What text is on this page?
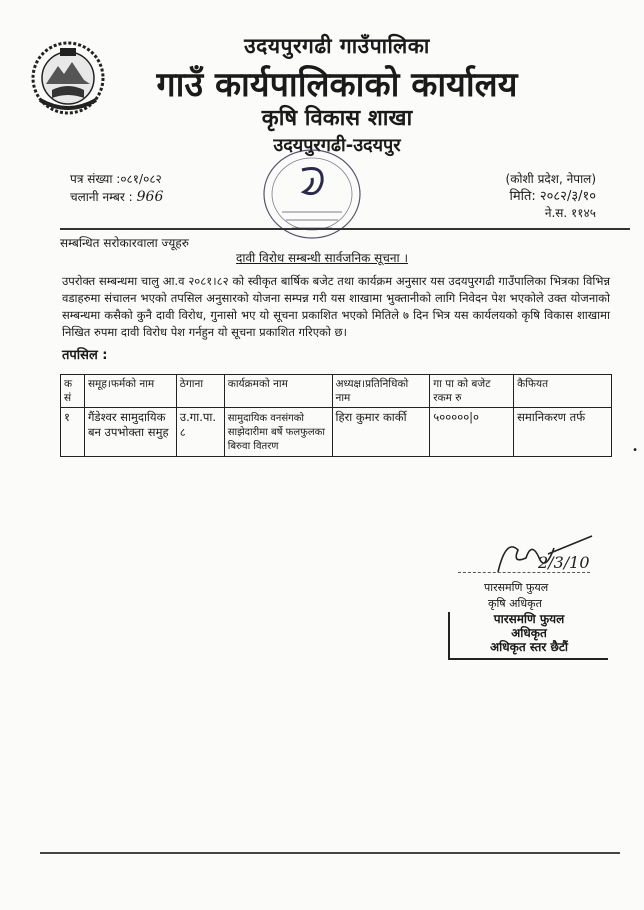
उदयपुरगढी गाउँपालिका
गाउँ कार्यपालिकाको कार्यालय
कृषि विकास शाखा
उदयपुरगढी-उदयपुर
पत्र संख्या :०८१/०८२
चलानी नम्बर : 966
(कोशी प्रदेश, नेपाल)
मिति: २०८२/३/१०
ने.स. ११४५
सम्बन्धित सरोकारवाला ज्यूहरु
दावी विरोध सम्बन्धी सार्वजनिक सूचना ।
उपरोक्त सम्बन्धमा चालु आ.व २०८१।८२ को स्वीकृत बार्षिक बजेट तथा कार्यक्रम अनुसार यस उदयपुरगढी गाउँपालिका भित्रका विभिन्न वडाहरुमा संचालन भएको तपसिल अनुसारको योजना सम्पन्न गरी यस शाखामा भुक्तानीको लागि निवेदन पेश भएकोले उक्त योजनाको सम्बन्धमा कसैको कुनै दावी विरोध, गुनासो भए यो सूचना प्रकाशित भएको मितिले ७ दिन भित्र यस कार्यलयको कृषि विकास शाखामा निखित रुपमा दावी विरोध पेश गर्नहुन यो सूचना प्रकाशित गरिएको छ।
तपसिल :
क सं	समूह।फर्मको नाम	ठेगाना	कार्यक्रमको नाम	अध्यक्ष।प्रतिनिधिको नाम	गा पा को बजेट रकम रु	कैफियत
१	गैंडेश्वर सामुदायिक बन उपभोक्ता समुह	उ.गा.पा. ८	सामुदायिक वनसंगको साझेदारीमा बर्षे फलफुलका बिरुवा वितरण	हिरा कुमार कार्की	५०००००|०	समानिकरण तर्फ
•
2/3/10
पारसमणि फुयल
कृषि अधिकृत
पारसमणि फुयल
अधिकृत
अधिकृत स्तर छैटौं
